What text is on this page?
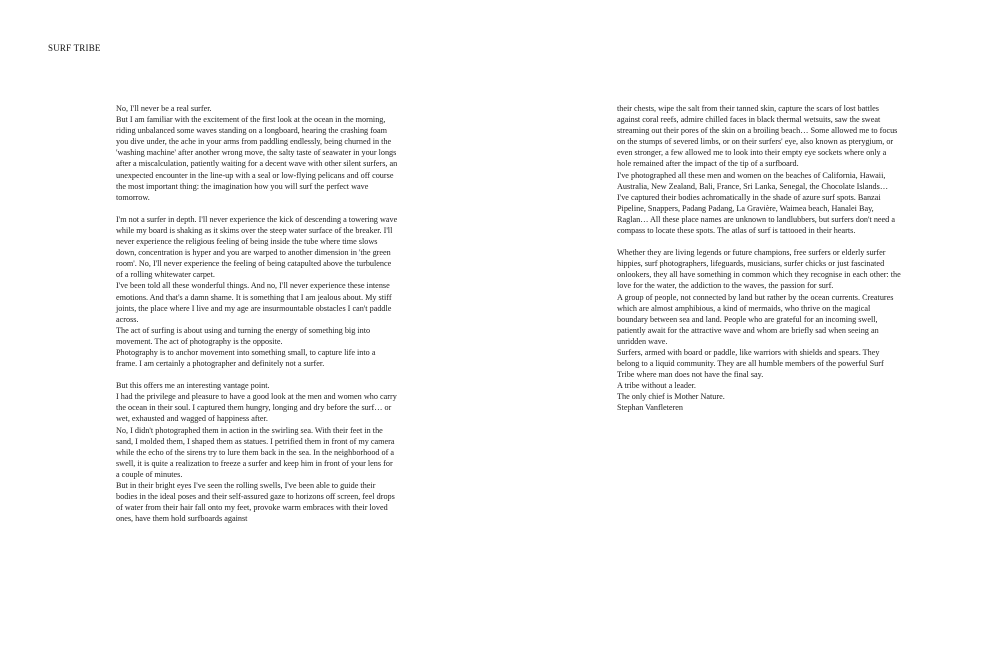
SURF TRIBE

No, I'll never be a real surfer.
But I am familiar with the excitement of the first look at the ocean in the morning, riding unbalanced some waves standing on a longboard, hearing the crashing foam you dive under, the ache in your arms from paddling endlessly, being churned in the 'washing machine' after another wrong move, the salty taste of seawater in your longs after a miscalculation, patiently waiting for a decent wave with other silent surfers, an unexpected encounter in the line-up with a seal or low-flying pelicans and off course the most important thing: the imagination how you will surf the perfect wave tomorrow.

I'm not a surfer in depth. I'll never experience the kick of descending a towering wave while my board is shaking as it skims over the steep water surface of the breaker. I'll never experience the religious feeling of being inside the tube where time slows down, concentration is hyper and you are warped to another dimension in 'the green room'. No, I'll never experience the feeling of being catapulted above the turbulence of a rolling whitewater carpet.
I've been told all these wonderful things. And no, I'll never experience these intense emotions. And that's a damn shame. It is something that I am jealous about. My stiff joints, the place where I live and my age are insurmountable obstacles I can't paddle across.
The act of surfing is about using and turning the energy of something big into movement. The act of photography is the opposite.
Photography is to anchor movement into something small, to capture life into a frame. I am certainly a photographer and definitely not a surfer.

But this offers me an interesting vantage point.
I had the privilege and pleasure to have a good look at the men and women who carry the ocean in their soul. I captured them hungry, longing and dry before the surf… or wet, exhausted and wagged of happiness after.
No, I didn't photographed them in action in the swirling sea. With their feet in the sand, I molded them, I shaped them as statues. I petrified them in front of my camera while the echo of the sirens try to lure them back in the sea. In the neighborhood of a swell, it is quite a realization to freeze a surfer and keep him in front of your lens for a couple of minutes.
But in their bright eyes I've seen the rolling swells, I've been able to guide their bodies in the ideal poses and their self-assured gaze to horizons off screen, feel drops of water from their hair fall onto my feet, provoke warm embraces with their loved ones, have them hold surfboards against

their chests, wipe the salt from their tanned skin, capture the scars of lost battles against coral reefs, admire chilled faces in black thermal wetsuits, saw the sweat streaming out their pores of the skin on a broiling beach… Some allowed me to focus on the stumps of severed limbs, or on their surfers' eye, also known as pterygium, or even stronger, a few allowed me to look into their empty eye sockets where only a hole remained after the impact of the tip of a surfboard.
I've photographed all these men and women on the beaches of California, Hawaii, Australia, New Zealand, Bali, France, Sri Lanka, Senegal, the Chocolate Islands… I've captured their bodies achromatically in the shade of azure surf spots. Banzai Pipeline, Snappers, Padang Padang, La Gravière, Waimea beach, Hanalei Bay, Raglan… All these place names are unknown to landlubbers, but surfers don't need a compass to locate these spots. The atlas of surf is tattooed in their hearts.

Whether they are living legends or future champions, free surfers or elderly surfer hippies, surf photographers, lifeguards, musicians, surfer chicks or just fascinated onlookers, they all have something in common which they recognise in each other: the love for the water, the addiction to the waves, the passion for surf.
A group of people, not connected by land but rather by the ocean currents. Creatures which are almost amphibious, a kind of mermaids, who thrive on the magical boundary between sea and land. People who are grateful for an incoming swell, patiently await for the attractive wave and whom are briefly sad when seeing an unridden wave.
Surfers, armed with board or paddle, like warriors with shields and spears. They belong to a liquid community. They are all humble members of the powerful Surf Tribe where man does not have the final say.
A tribe without a leader.
The only chief is Mother Nature.

Stephan Vanfleteren
